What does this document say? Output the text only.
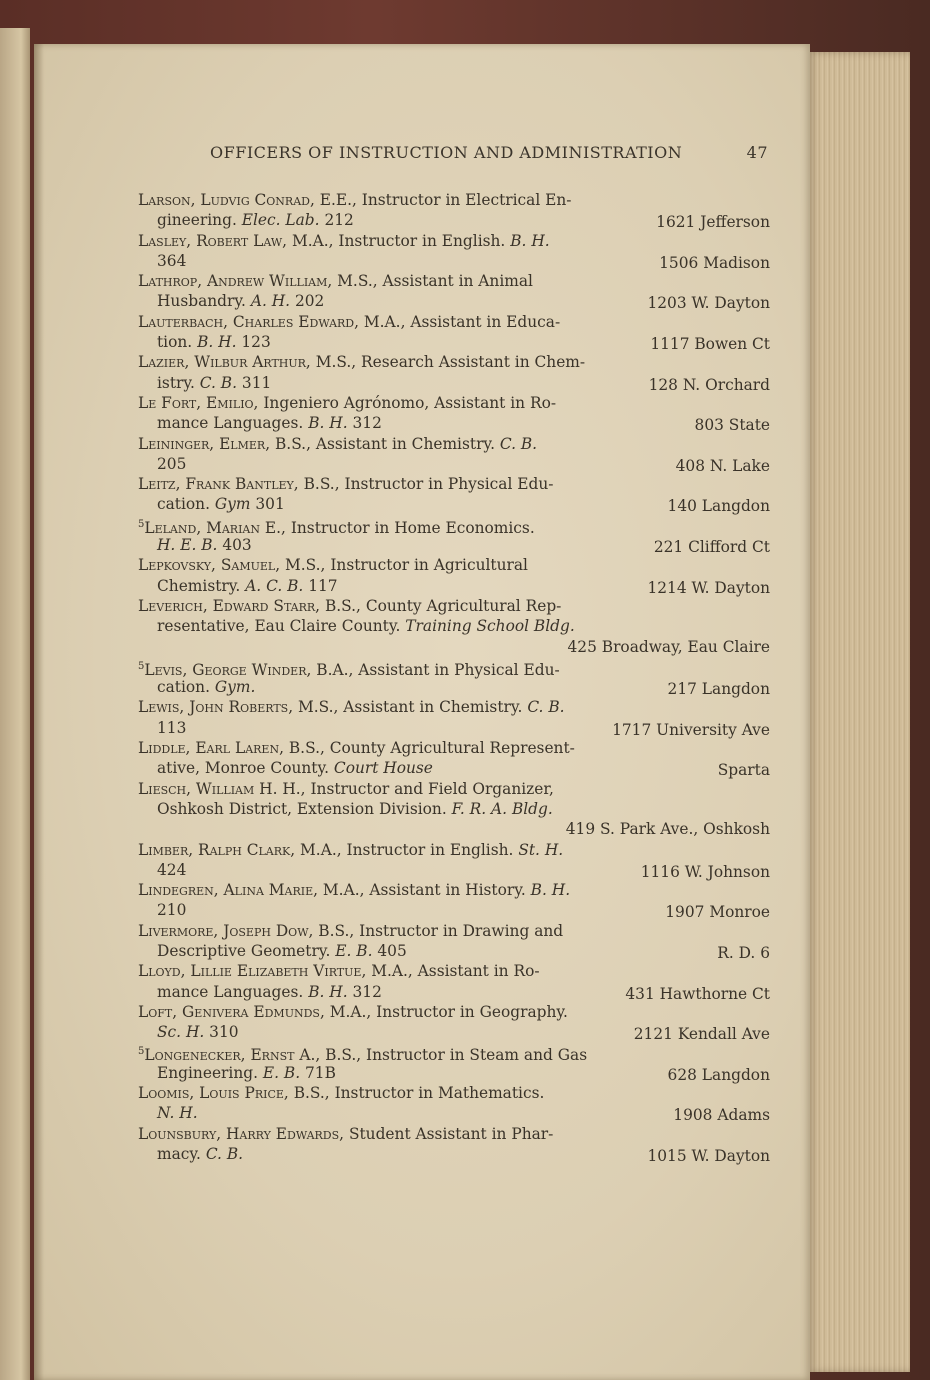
OFFICERS OF INSTRUCTION AND ADMINISTRATION	47
Larson, Ludvig Conrad, E.E., Instructor in Electrical En-
gineering. Elec. Lab. 212	1621 Jefferson
Lasley, Robert Law, M.A., Instructor in English. B. H.
364	1506 Madison
Lathrop, Andrew William, M.S., Assistant in Animal
Husbandry. A. H. 202	1203 W. Dayton
Lauterbach, Charles Edward, M.A., Assistant in Educa-
tion. B. H. 123	1117 Bowen Ct
Lazier, Wilbur Arthur, M.S., Research Assistant in Chem-
istry. C. B. 311	128 N. Orchard
Le Fort, Emilio, Ingeniero Agrónomo, Assistant in Ro-
mance Languages. B. H. 312	803 State
Leininger, Elmer, B.S., Assistant in Chemistry. C. B.
205	408 N. Lake
Leitz, Frank Bantley, B.S., Instructor in Physical Edu-
cation. Gym 301	140 Langdon
$^5$Leland, Marian E., Instructor in Home Economics.
H. E. B. 403	221 Clifford Ct
Lepkovsky, Samuel, M.S., Instructor in Agricultural
Chemistry. A. C. B. 117	1214 W. Dayton
Leverich, Edward Starr, B.S., County Agricultural Rep-
resentative, Eau Claire County. Training School Bldg.
425 Broadway, Eau Claire
$^5$Levis, George Winder, B.A., Assistant in Physical Edu-
cation. Gym.	217 Langdon
Lewis, John Roberts, M.S., Assistant in Chemistry. C. B.
113	1717 University Ave
Liddle, Earl Laren, B.S., County Agricultural Represent-
ative, Monroe County. Court House	Sparta
Liesch, William H. H., Instructor and Field Organizer,
Oshkosh District, Extension Division. F. R. A. Bldg.
419 S. Park Ave., Oshkosh
Limber, Ralph Clark, M.A., Instructor in English. St. H.
424	1116 W. Johnson
Lindegren, Alina Marie, M.A., Assistant in History. B. H.
210	1907 Monroe
Livermore, Joseph Dow, B.S., Instructor in Drawing and
Descriptive Geometry. E. B. 405	R. D. 6
Lloyd, Lillie Elizabeth Virtue, M.A., Assistant in Ro-
mance Languages. B. H. 312	431 Hawthorne Ct
Loft, Genivera Edmunds, M.A., Instructor in Geography.
Sc. H. 310	2121 Kendall Ave
$^5$Longenecker, Ernst A., B.S., Instructor in Steam and Gas
Engineering. E. B. 71B	628 Langdon
Loomis, Louis Price, B.S., Instructor in Mathematics.
N. H.	1908 Adams
Lounsbury, Harry Edwards, Student Assistant in Phar-
macy. C. B.	1015 W. Dayton
